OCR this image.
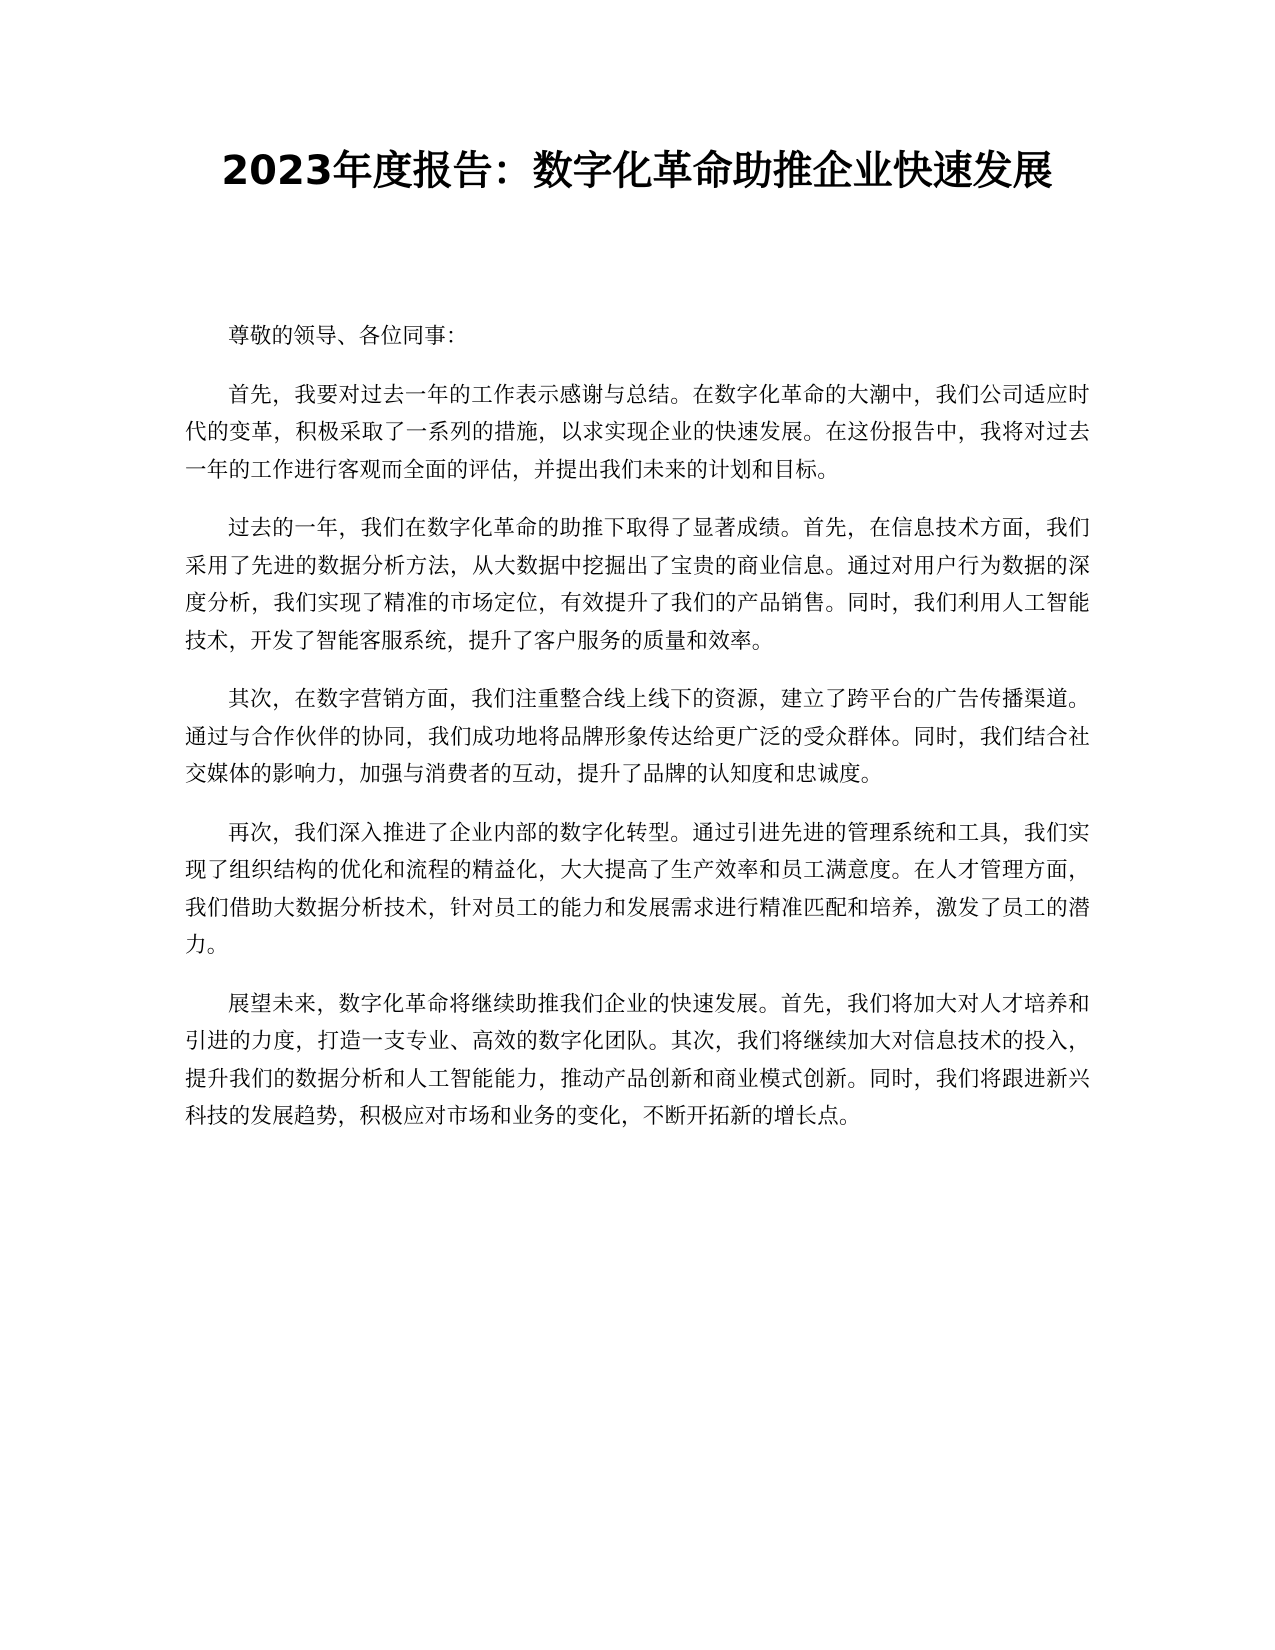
2023年度报告：数字化革命助推企业快速发展

尊敬的领导、各位同事：

首先，我要对过去一年的工作表示感谢与总结。在数字化革命的大潮中，我们公司适应时代的变革，积极采取了一系列的措施，以求实现企业的快速发展。在这份报告中，我将对过去一年的工作进行客观而全面的评估，并提出我们未来的计划和目标。

过去的一年，我们在数字化革命的助推下取得了显著成绩。首先，在信息技术方面，我们采用了先进的数据分析方法，从大数据中挖掘出了宝贵的商业信息。通过对用户行为数据的深度分析，我们实现了精准的市场定位，有效提升了我们的产品销售。同时，我们利用人工智能技术，开发了智能客服系统，提升了客户服务的质量和效率。

其次，在数字营销方面，我们注重整合线上线下的资源，建立了跨平台的广告传播渠道。通过与合作伙伴的协同，我们成功地将品牌形象传达给更广泛的受众群体。同时，我们结合社交媒体的影响力，加强与消费者的互动，提升了品牌的认知度和忠诚度。

再次，我们深入推进了企业内部的数字化转型。通过引进先进的管理系统和工具，我们实现了组织结构的优化和流程的精益化，大大提高了生产效率和员工满意度。在人才管理方面，我们借助大数据分析技术，针对员工的能力和发展需求进行精准匹配和培养，激发了员工的潜力。

展望未来，数字化革命将继续助推我们企业的快速发展。首先，我们将加大对人才培养和引进的力度，打造一支专业、高效的数字化团队。其次，我们将继续加大对信息技术的投入，提升我们的数据分析和人工智能能力，推动产品创新和商业模式创新。同时，我们将跟进新兴科技的发展趋势，积极应对市场和业务的变化，不断开拓新的增长点。
